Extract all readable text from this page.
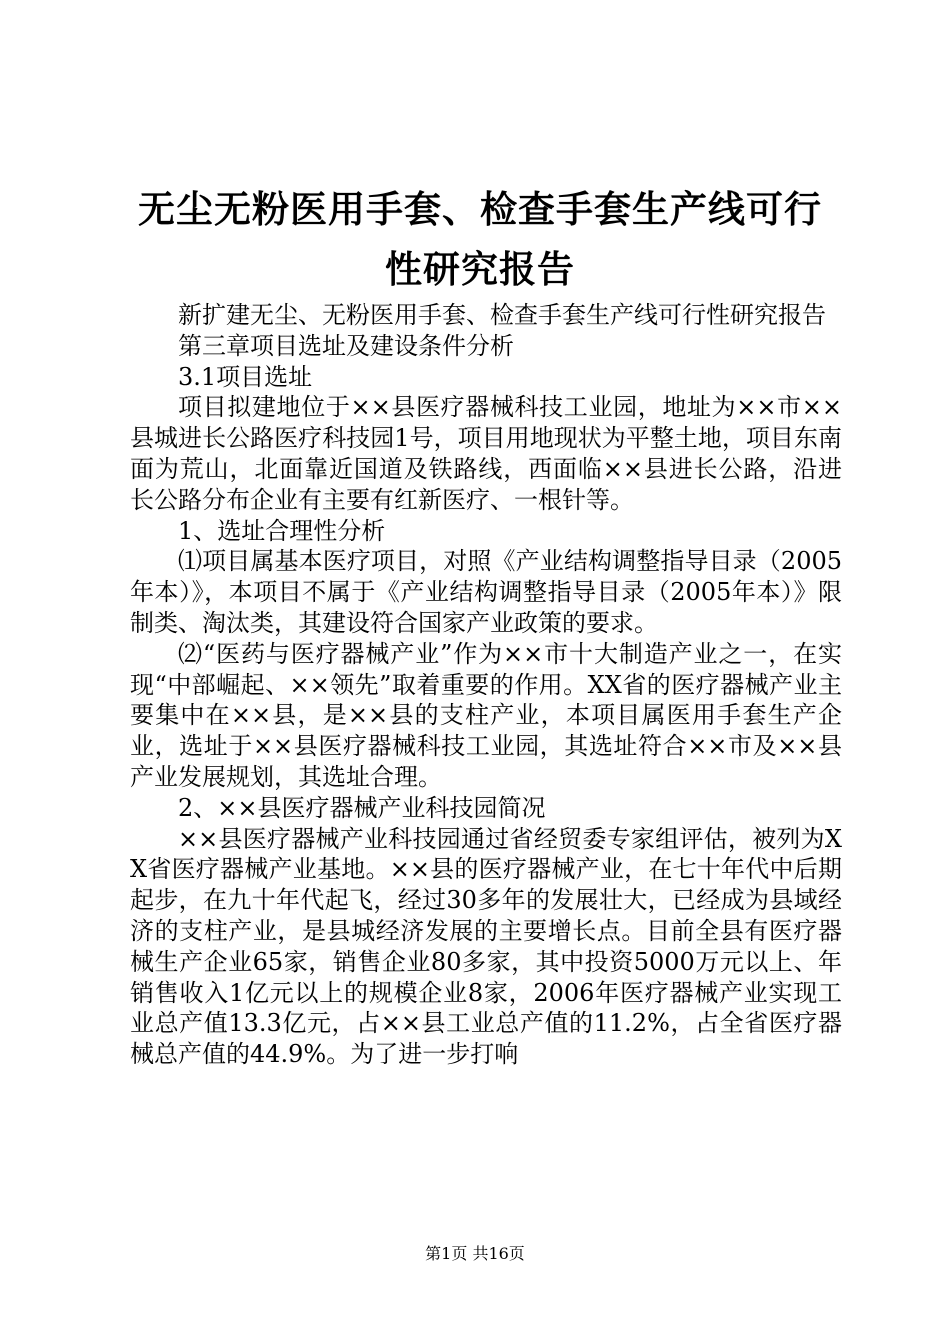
无尘无粉医用手套、检查手套生产线可行性研究报告

新扩建无尘、无粉医用手套、检查手套生产线可行性研究报告

第三章项目选址及建设条件分析

3.1项目选址

项目拟建地位于××县医疗器械科技工业园，地址为××市××县城进长公路医疗科技园1号，项目用地现状为平整土地，项目东南面为荒山，北面靠近国道及铁路线，西面临××县进长公路，沿进长公路分布企业有主要有红新医疗、一根针等。

1、选址合理性分析

⑴项目属基本医疗项目，对照《产业结构调整指导目录（2005年本）》，本项目不属于《产业结构调整指导目录（2005年本）》限制类、淘汰类，其建设符合国家产业政策的要求。

⑵“医药与医疗器械产业”作为××市十大制造产业之一，在实现“中部崛起、××领先”取着重要的作用。XX省的医疗器械产业主要集中在××县，是××县的支柱产业，本项目属医用手套生产企业，选址于××县医疗器械科技工业园，其选址符合××市及××县产业发展规划，其选址合理。

2、××县医疗器械产业科技园简况

××县医疗器械产业科技园通过省经贸委专家组评估，被列为XX省医疗器械产业基地。××县的医疗器械产业，在七十年代中后期起步，在九十年代起飞，经过30多年的发展壮大，已经成为县域经济的支柱产业，是县城经济发展的主要增长点。目前全县有医疗器械生产企业65家，销售企业80多家，其中投资5000万元以上、年销售收入1亿元以上的规模企业8家，2006年医疗器械产业实现工业总产值13.3亿元，占××县工业总产值的11.2%，占全省医疗器械总产值的44.9%。为了进一步打响

第1页 共16页
